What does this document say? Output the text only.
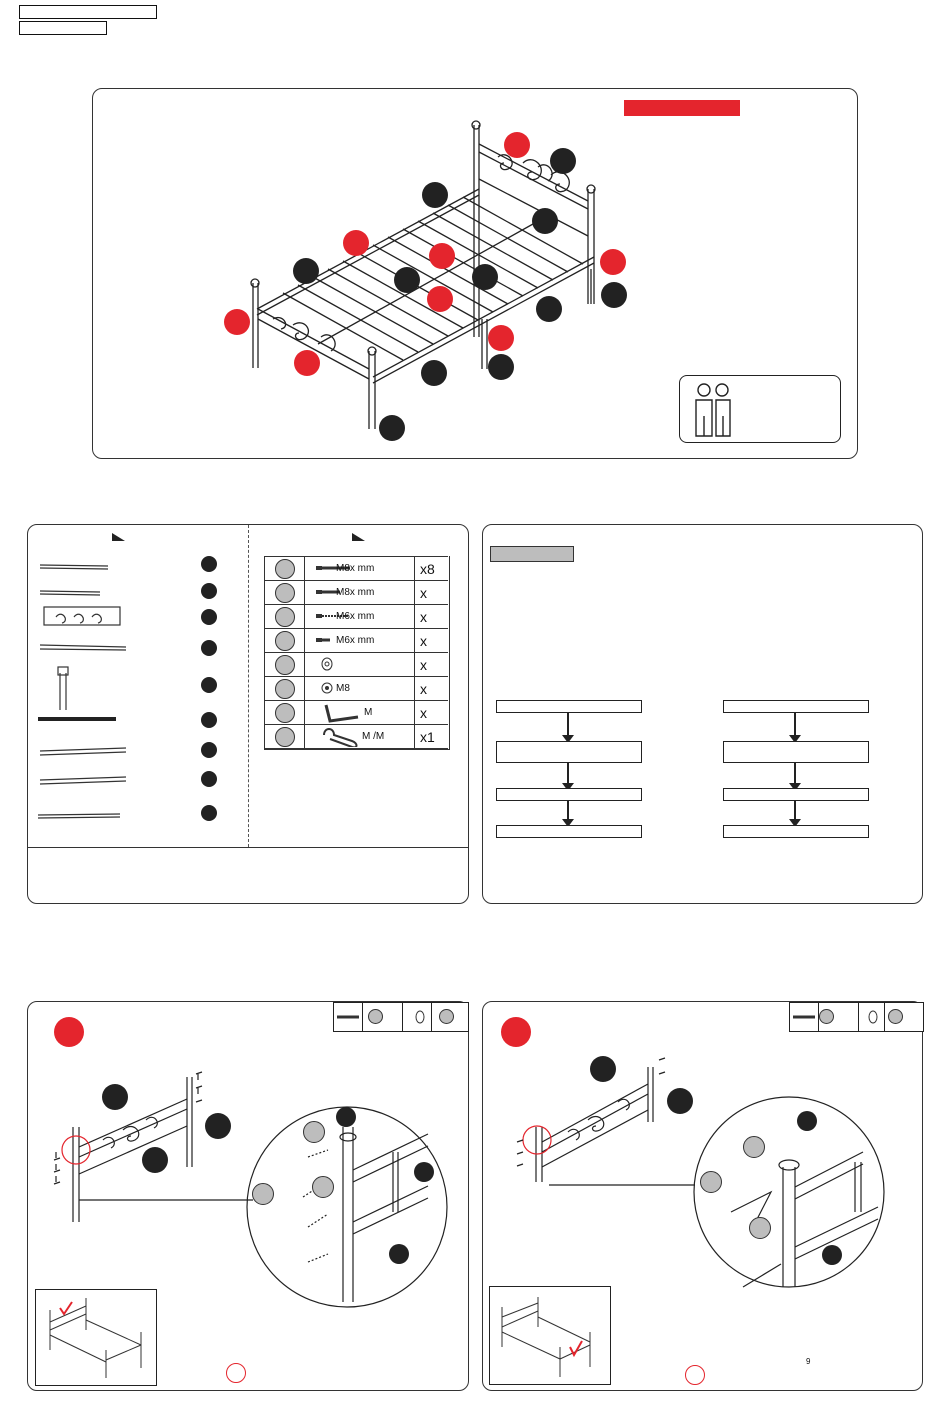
M8x mm	x8
M8x mm	x
M6x mm	x
M6x mm	x
x
M8	x
M	x
M /M	x1
9
